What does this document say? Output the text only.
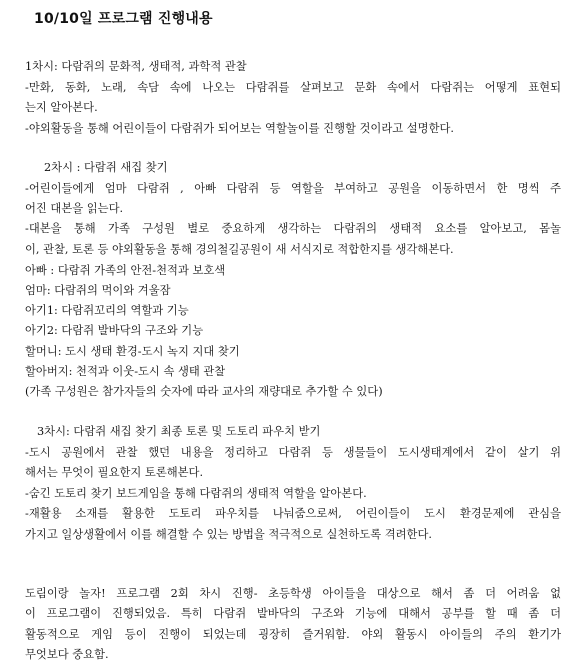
10/10일 프로그램 진행내용
1차시: 다람쥐의 문화적, 생태적, 과학적 관찰
-만화, 동화, 노래, 속담 속에 나오는 다람쥐를 살펴보고 문화 속에서 다람쥐는 어떻게 표현되
는지 알아본다.
-야외활동을 통해 어린이들이 다람쥐가 되어보는 역할놀이를 진행할 것이라고 설명한다.
2차시 : 다람쥐 새집 찾기
-어린이들에게 엄마 다람쥐 , 아빠 다람쥐 등 역할을 부여하고 공원을 이동하면서 한 명씩 주
어진 대본을 읽는다.
-대본을 통해 가족 구성원 별로 중요하게 생각하는 다람쥐의 생태적 요소를 알아보고, 몸놀
이, 관찰, 토론 등 야외활동을 통해 경의철길공원이 새 서식지로 적합한지를 생각해본다.
아빠 : 다람쥐 가족의 안전-천적과 보호색
엄마: 다람쥐의 먹이와 겨울잠
아기1: 다람쥐꼬리의 역할과 기능
아기2: 다람쥐 발바닥의 구조와 기능
할머니: 도시 생태 환경-도시 녹지 지대 찾기
할아버지: 천적과 이웃-도시 속 생태 관찰
(가족 구성원은 참가자들의 숫자에 따라 교사의 재량대로 추가할 수 있다)
3차시: 다람쥐 새집 찾기 최종 토론 및 도토리 파우치 받기
-도시 공원에서 관찰 했던 내용을 정리하고 다람쥐 등 생물들이 도시생태계에서 같이 살기 위
해서는 무엇이 필요한지 토론해본다.
-숨긴 도토리 찾기 보드게임을 통해 다람쥐의 생태적 역할을 알아본다.
-재활용 소재를 활용한 도토리 파우치를 나눠줌으로써, 어린이들이 도시 환경문제에 관심을
가지고 일상생활에서 이를 해결할 수 있는 방법을 적극적으로 실천하도록 격려한다.
도림이랑 놀자! 프로그램 2회 차시 진행- 초등학생 아이들을 대상으로 해서 좀 더 어려움 없
이 프로그램이 진행되었음. 특히 다람쥐 발바닥의 구조와 기능에 대해서 공부를 할 때 좀 더
활동적으로 게임 등이 진행이 되었는데 굉장히 즐거워함. 야외 활동시 아이들의 주의 환기가
무엇보다 중요함.
